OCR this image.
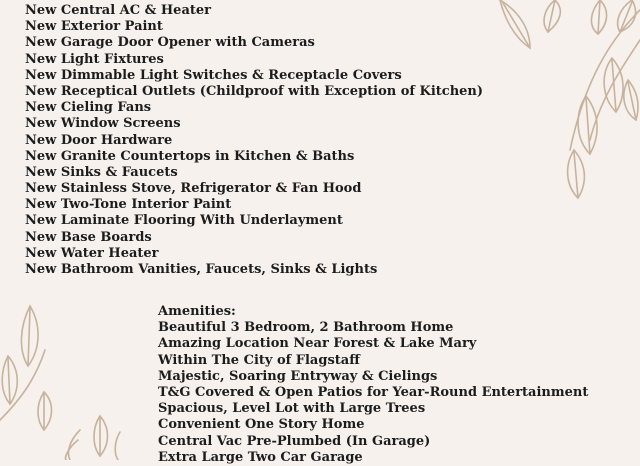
New Central AC & Heater
New Exterior Paint
New Garage Door Opener with Cameras
New Light Fixtures
New Dimmable Light Switches & Receptacle Covers
New Receptical Outlets (Childproof with Exception of Kitchen)
New Cieling Fans
New Window Screens
New Door Hardware
New Granite Countertops in Kitchen & Baths
New Sinks & Faucets
New Stainless Stove, Refrigerator & Fan Hood
New Two-Tone Interior Paint
New Laminate Flooring With Underlayment
New Base Boards
New Water Heater
New Bathroom Vanities, Faucets, Sinks & Lights
Amenities:
Beautiful 3 Bedroom, 2 Bathroom Home
Amazing Location Near Forest & Lake Mary
Within The City of Flagstaff
Majestic, Soaring Entryway & Cielings
T&G Covered & Open Patios for Year-Round Entertainment
Spacious, Level Lot with Large Trees
Convenient One Story Home
Central Vac Pre-Plumbed (In Garage)
Extra Large Two Car Garage
